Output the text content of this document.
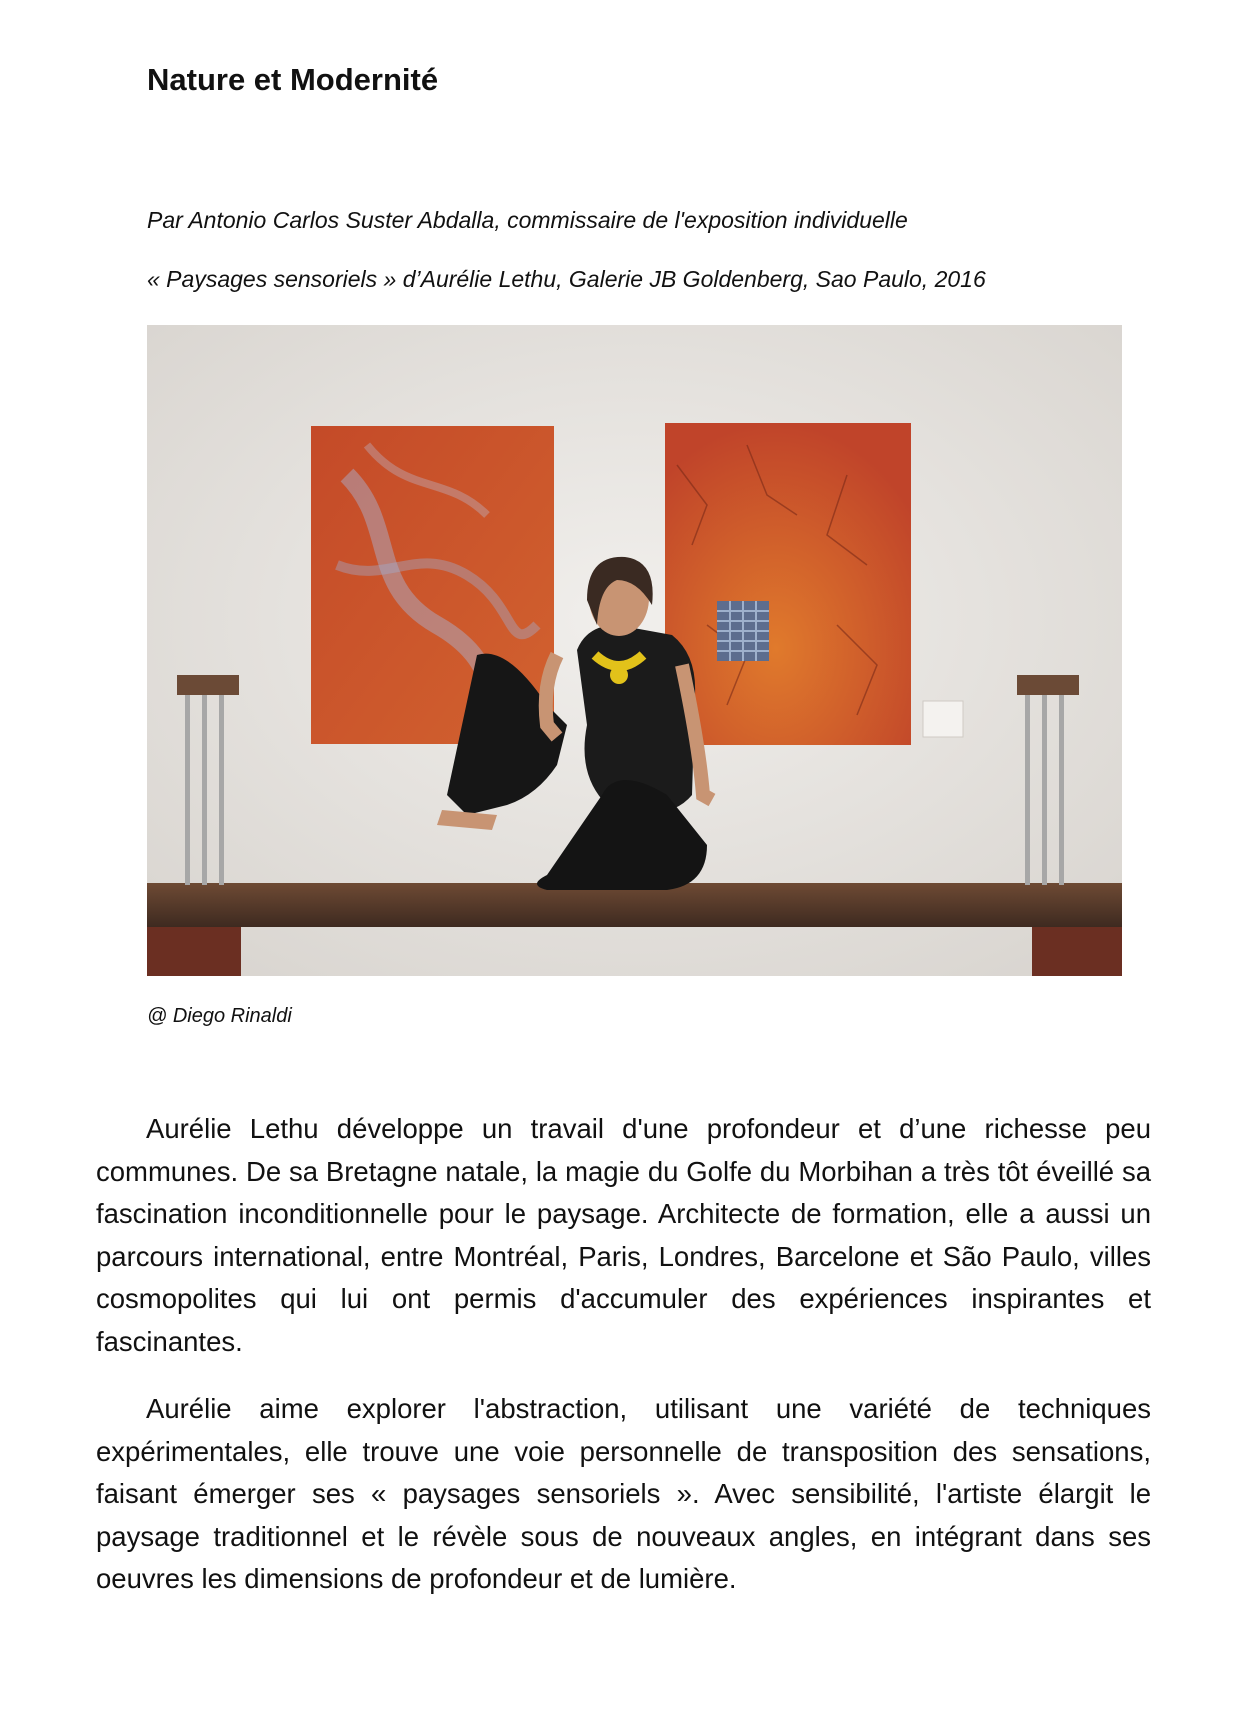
Nature et Modernité

Par Antonio Carlos Suster Abdalla, commissaire de l'exposition individuelle

« Paysages sensoriels » d’Aurélie Lethu, Galerie JB Goldenberg, Sao Paulo, 2016

@ Diego Rinaldi

Aurélie Lethu développe un travail d'une profondeur et d’une richesse peu communes. De sa Bretagne natale, la magie du Golfe du Morbihan a très tôt éveillé sa fascination inconditionnelle pour le paysage. Architecte de formation, elle a aussi un parcours international, entre Montréal, Paris, Londres, Barcelone et São Paulo, villes cosmopolites qui lui ont permis d'accumuler des expériences inspirantes et fascinantes.

Aurélie aime explorer l'abstraction, utilisant une variété de techniques expérimentales, elle trouve une voie personnelle de transposition des sensations, faisant émerger ses « paysages sensoriels ». Avec sensibilité, l'artiste élargit le paysage traditionnel et le révèle sous de nouveaux angles, en intégrant dans ses oeuvres les dimensions de profondeur et de lumière.
